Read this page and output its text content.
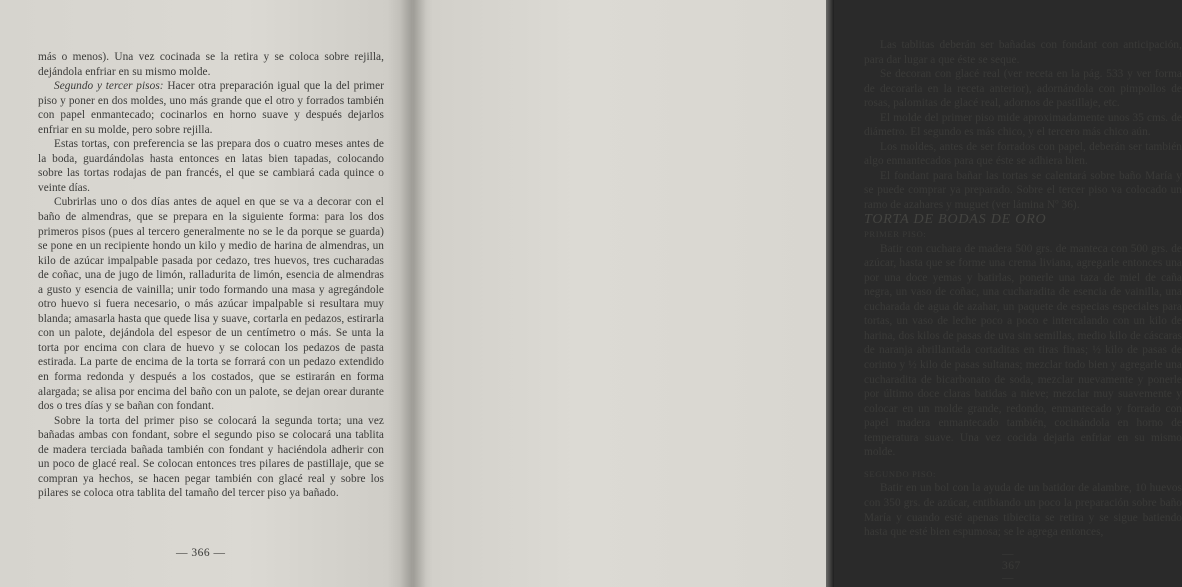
más o menos). Una vez cocinada se la retira y se coloca sobre rejilla, dejándola enfriar en su mismo molde.

Segundo y tercer pisos: Hacer otra preparación igual que la del primer piso y poner en dos moldes, uno más grande que el otro y forrados también con papel enmantecado; cocinarlos en horno suave y después dejarlos enfriar en su molde, pero sobre rejilla.

Estas tortas, con preferencia se las prepara dos o cuatro meses antes de la boda, guardándolas hasta entonces en latas bien tapadas, colocando sobre las tortas rodajas de pan francés, el que se cambiará cada quince o veinte días.

Cubrirlas uno o dos días antes de aquel en que se va a decorar con el baño de almendras, que se prepara en la siguiente forma: para los dos primeros pisos (pues al tercero generalmente no se le da porque se guarda) se pone en un recipiente hondo un kilo y medio de harina de almendras, un kilo de azúcar impalpable pasada por cedazo, tres huevos, tres cucharadas de coñac, una de jugo de limón, ralladurita de limón, esencia de almendras a gusto y esencia de vainilla; unir todo formando una masa y agregándole otro huevo si fuera necesario, o más azúcar impalpable si resultara muy blanda; amasarla hasta que quede lisa y suave, cortarla en pedazos, estirarla con un palote, dejándola del espesor de un centímetro o más. Se unta la torta por encima con clara de huevo y se colocan los pedazos de pasta estirada. La parte de encima de la torta se forrará con un pedazo extendido en forma redonda y después a los costados, que se estirarán en forma alargada; se alisa por encima del baño con un palote, se dejan orear durante dos o tres días y se bañan con fondant.

Sobre la torta del primer piso se colocará la segunda torta; una vez bañadas ambas con fondant, sobre el segundo piso se colocará una tablita de madera terciada bañada también con fondant y haciéndola adherir con un poco de glacé real. Se colocan entonces tres pilares de pastillaje, que se compran ya hechos, se hacen pegar también con glacé real y sobre los pilares se coloca otra tablita del tamaño del tercer piso ya bañado.

— 366 —

Las tablitas deberán ser bañadas con fondant con anticipación, para dar lugar a que éste se seque.

Se decoran con glacé real (ver receta en la pág. 533 y ver forma de decorarla en la receta anterior), adornándola con pimpollos de rosas, palomitas de glacé real, adornos de pastillaje, etc.

El molde del primer piso mide aproximadamente unos 35 cms. de diámetro. El segundo es más chico, y el tercero más chico aún.

Los moldes, antes de ser forrados con papel, deberán ser también algo enmantecados para que éste se adhiera bien.

El fondant para bañar las tortas se calentará sobre baño María y se puede comprar ya preparado. Sobre el tercer piso va colocado un ramo de azahares y muguet (ver lámina Nº 36).

TORTA DE BODAS DE ORO

PRIMER PISO:

Batir con cuchara de madera 500 grs. de manteca con 500 grs. de azúcar, hasta que se forme una crema liviana, agregarle entonces una por una doce yemas y batirlas, ponerle una taza de miel de caña negra, un vaso de coñac, una cucharadita de esencia de vainilla, una cucharada de agua de azahar, un paquete de especias especiales para tortas, un vaso de leche poco a poco e intercalando con un kilo de harina, dos kilos de pasas de uva sin semillas, medio kilo de cáscaras de naranja abrillantada cortaditas en tiras finas; ½ kilo de pasas de corinto y ½ kilo de pasas sultanas; mezclar todo bien y agregarle una cucharadita de bicarbonato de soda, mezclar nuevamente y ponerle por último doce claras batidas a nieve; mezclar muy suavemente y colocar en un molde grande, redondo, enmantecado y forrado con papel madera enmantecado también, cocinándola en horno de temperatura suave. Una vez cocida dejarla enfriar en su mismo molde.

SEGUNDO PISO:

Batir en un bol con la ayuda de un batidor de alambre, 10 huevos con 350 grs. de azúcar, entibiando un poco la preparación sobre baño María y cuando esté apenas tibiecita se retira y se sigue batiendo hasta que esté bien espumosa; se le agrega entonces,

— 367 —
